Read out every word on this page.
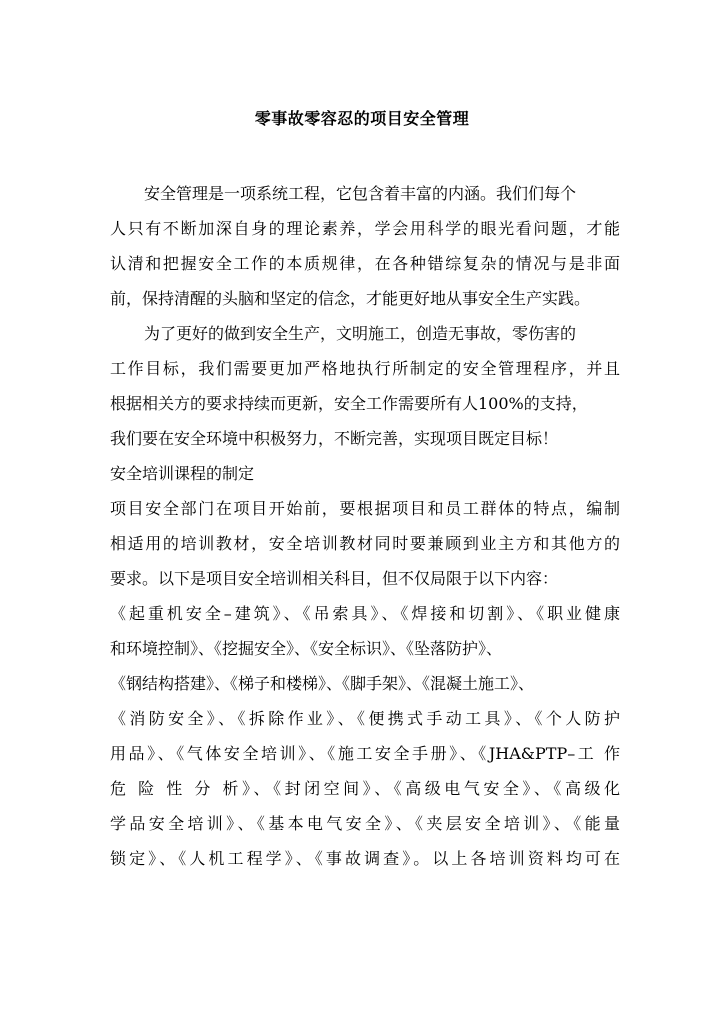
零事故零容忍的项目安全管理
安全管理是一项系统工程，它包含着丰富的内涵。我们们每个
人只有不断加深自身的理论素养，学会用科学的眼光看问题，才能
认清和把握安全工作的本质规律，在各种错综复杂的情况与是非面
前，保持清醒的头脑和坚定的信念，才能更好地从事安全生产实践。
为了更好的做到安全生产，文明施工，创造无事故，零伤害的
工作目标，我们需要更加严格地执行所制定的安全管理程序，并且
根据相关方的要求持续而更新，安全工作需要所有人100%的支持，
我们要在安全环境中积极努力，不断完善，实现项目既定目标！
安全培训课程的制定
项目安全部门在项目开始前，要根据项目和员工群体的特点，编制
相适用的培训教材，安全培训教材同时要兼顾到业主方和其他方的
要求。以下是项目安全培训相关科目，但不仅局限于以下内容：
《起重机安全–建筑》、《吊索具》、《焊接和切割》、《职业健康
和环境控制》、《挖掘安全》、《安全标识》、《坠落防护》、
《钢结构搭建》、《梯子和楼梯》、《脚手架》、《混凝土施工》、
《消防安全》、《拆除作业》、《便携式手动工具》、《个人防护
用品》、《气体安全培训》、《施工安全手册》、《JHA&PTP–工 作
危 险 性 分 析》、《封闭空间》、《高级电气安全》、《高级化
学品安全培训》、《基本电气安全》、《夹层安全培训》、《能量
锁定》、《人机工程学》、《事故调查》。以上各培训资料均可在
